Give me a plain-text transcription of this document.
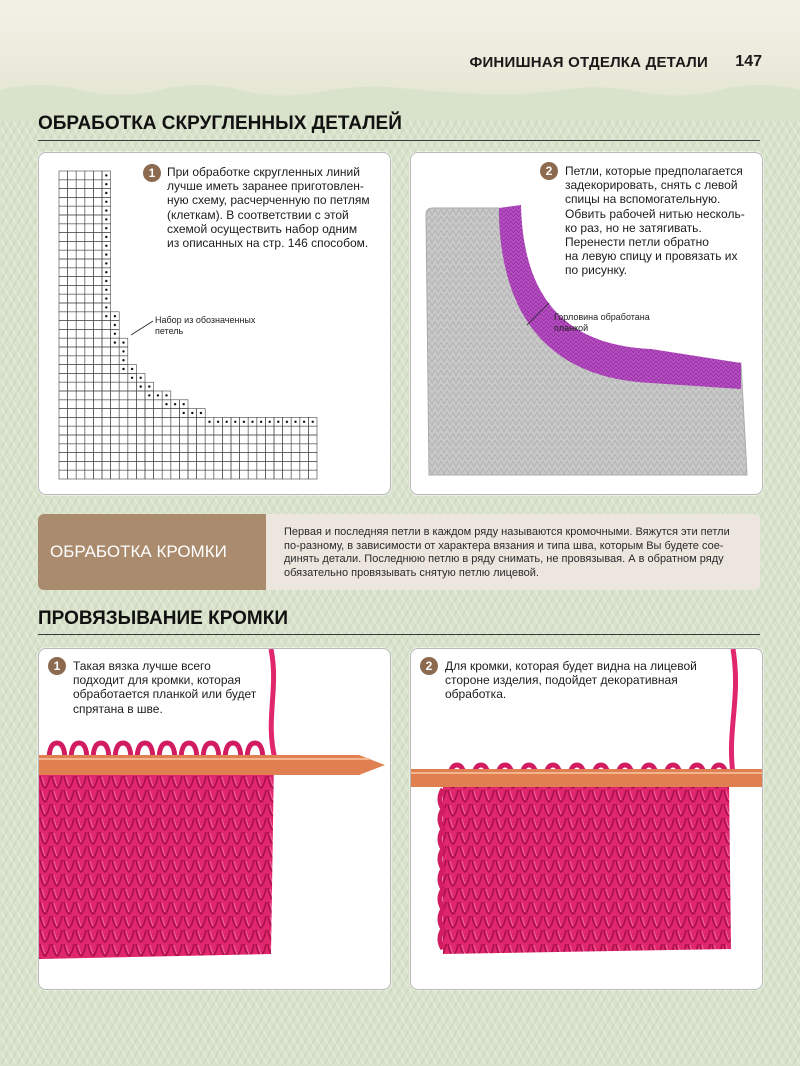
ФИНИШНАЯ ОТДЕЛКА ДЕТАЛИ 147
ОБРАБОТКА СКРУГЛЕННЫХ ДЕТАЛЕЙ
1 При обработке скругленных линий
лучше иметь заранее приготовлен-
ную схему, расчерченную по петлям
(клеткам). В соответствии с этой
схемой осуществить набор одним
из описанных на стр. 146 способом.
Набор из обозначенных
петель
2	Петли, которые предполагается
задекорировать, снять с левой
спицы на вспомогательную.
Обвить рабочей нитью несколь-
ко раз, но не затягивать.
Перенести петли обратно
на левую спицу и провязать их
по рисунку.
Горловина обработана
планкой
ОБРАБОТКА КРОМКИ
Первая и последняя петли в каждом ряду называются кромочными. Вяжутся эти петли
по-разному, в зависимости от характера вязания и типа шва, которым Вы будете сое-
динять детали. Последнюю петлю в ряду снимать, не провязывая. А в обратном ряду
обязательно провязывать снятую петлю лицевой.
ПРОВЯЗЫВАНИЕ КРОМКИ
1	Такая вязка лучше всего
подходит для кромки, которая
обработается планкой или будет
спрятана в шве.
2	Для кромки, которая будет видна на лицевой
стороне изделия, подойдет декоративная
обработка.
